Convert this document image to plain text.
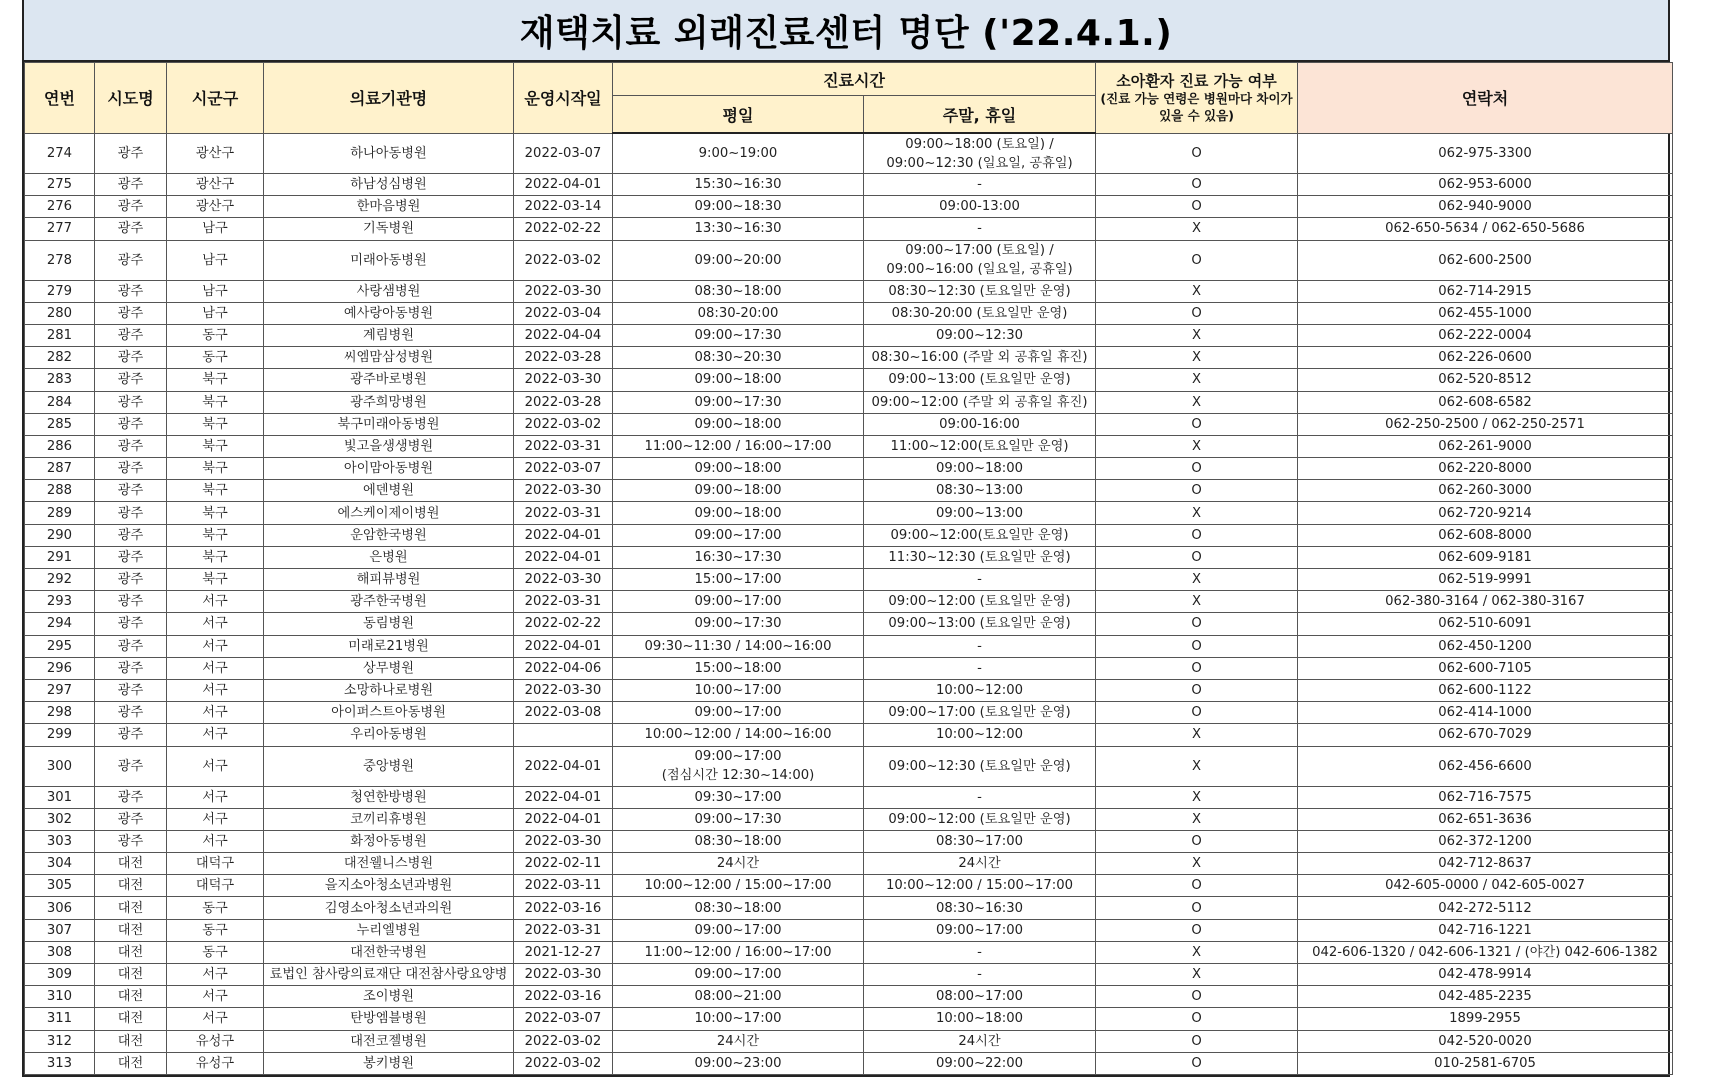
재택치료 외래진료센터 명단 ('22.4.1.)
연번	시도명	시군구	의료기관명	운영시작일	진료시간		소아환자 진료 가능 여부
(진료 가능 연령은 병원마다 차이가 있을 수 있음)	연락처
					평일	주말, 휴일		
274	광주	광산구	하나아동병원	2022-03-07	9:00~19:00	09:00~18:00 (토요일) /
09:00~12:30 (일요일, 공휴일)	O	062-975-3300
275	광주	광산구	하남성심병원	2022-04-01	15:30~16:30	-	O	062-953-6000
276	광주	광산구	한마음병원	2022-03-14	09:00~18:30	09:00-13:00	O	062-940-9000
277	광주	남구	기독병원	2022-02-22	13:30~16:30	-	X	062-650-5634 / 062-650-5686
278	광주	남구	미래아동병원	2022-03-02	09:00~20:00	09:00~17:00 (토요일) /
09:00~16:00 (일요일, 공휴일)	O	062-600-2500
279	광주	남구	사랑샘병원	2022-03-30	08:30~18:00	08:30~12:30 (토요일만 운영)	X	062-714-2915
280	광주	남구	예사랑아동병원	2022-03-04	08:30-20:00	08:30-20:00 (토요일만 운영)	O	062-455-1000
281	광주	동구	계림병원	2022-04-04	09:00~17:30	09:00~12:30	X	062-222-0004
282	광주	동구	씨엠맘삼성병원	2022-03-28	08:30~20:30	08:30~16:00 (주말 외 공휴일 휴진)	X	062-226-0600
283	광주	북구	광주바로병원	2022-03-30	09:00~18:00	09:00~13:00 (토요일만 운영)	X	062-520-8512
284	광주	북구	광주희망병원	2022-03-28	09:00~17:30	09:00~12:00 (주말 외 공휴일 휴진)	X	062-608-6582
285	광주	북구	북구미래아동병원	2022-03-02	09:00~18:00	09:00-16:00	O	062-250-2500 / 062-250-2571
286	광주	북구	빛고을생생병원	2022-03-31	11:00~12:00 / 16:00~17:00	11:00~12:00(토요일만 운영)	X	062-261-9000
287	광주	북구	아이맘아동병원	2022-03-07	09:00~18:00	09:00~18:00	O	062-220-8000
288	광주	북구	에덴병원	2022-03-30	09:00~18:00	08:30~13:00	O	062-260-3000
289	광주	북구	에스케이제이병원	2022-03-31	09:00~18:00	09:00~13:00	X	062-720-9214
290	광주	북구	운암한국병원	2022-04-01	09:00~17:00	09:00~12:00(토요일만 운영)	O	062-608-8000
291	광주	북구	은병원	2022-04-01	16:30~17:30	11:30~12:30 (토요일만 운영)	O	062-609-9181
292	광주	북구	해피뷰병원	2022-03-30	15:00~17:00	-	X	062-519-9991
293	광주	서구	광주한국병원	2022-03-31	09:00~17:00	09:00~12:00 (토요일만 운영)	X	062-380-3164 / 062-380-3167
294	광주	서구	동림병원	2022-02-22	09:00~17:30	09:00~13:00 (토요일만 운영)	O	062-510-6091
295	광주	서구	미래로21병원	2022-04-01	09:30~11:30 / 14:00~16:00	-	O	062-450-1200
296	광주	서구	상무병원	2022-04-06	15:00~18:00	-	O	062-600-7105
297	광주	서구	소망하나로병원	2022-03-30	10:00~17:00	10:00~12:00	O	062-600-1122
298	광주	서구	아이퍼스트아동병원	2022-03-08	09:00~17:00	09:00~17:00 (토요일만 운영)	O	062-414-1000
299	광주	서구	우리아동병원		10:00~12:00 / 14:00~16:00	10:00~12:00	X	062-670-7029
300	광주	서구	중앙병원	2022-04-01	09:00~17:00
(점심시간 12:30~14:00)	09:00~12:30 (토요일만 운영)	X	062-456-6600
301	광주	서구	청연한방병원	2022-04-01	09:30~17:00	-	X	062-716-7575
302	광주	서구	코끼리휴병원	2022-04-01	09:00~17:30	09:00~12:00 (토요일만 운영)	X	062-651-3636
303	광주	서구	화정아동병원	2022-03-30	08:30~18:00	08:30~17:00	O	062-372-1200
304	대전	대덕구	대전웰니스병원	2022-02-11	24시간	24시간	X	042-712-8637
305	대전	대덕구	을지소아청소년과병원	2022-03-11	10:00~12:00 / 15:00~17:00	10:00~12:00 / 15:00~17:00	O	042-605-0000 / 042-605-0027
306	대전	동구	김영소아청소년과의원	2022-03-16	08:30~18:00	08:30~16:30	O	042-272-5112
307	대전	동구	누리엘병원	2022-03-31	09:00~17:00	09:00~17:00	O	042-716-1221
308	대전	동구	대전한국병원	2021-12-27	11:00~12:00 / 16:00~17:00	-	X	042-606-1320 / 042-606-1321 / (야간) 042-606-1382
309	대전	서구	료법인 참사랑의료재단 대전참사랑요양병	2022-03-30	09:00~17:00	-	X	042-478-9914
310	대전	서구	조이병원	2022-03-16	08:00~21:00	08:00~17:00	O	042-485-2235
311	대전	서구	탄방엠블병원	2022-03-07	10:00~17:00	10:00~18:00	O	1899-2955
312	대전	유성구	대전코젤병원	2022-03-02	24시간	24시간	O	042-520-0020
313	대전	유성구	봉키병원	2022-03-02	09:00~23:00	09:00~22:00	O	010-2581-6705
